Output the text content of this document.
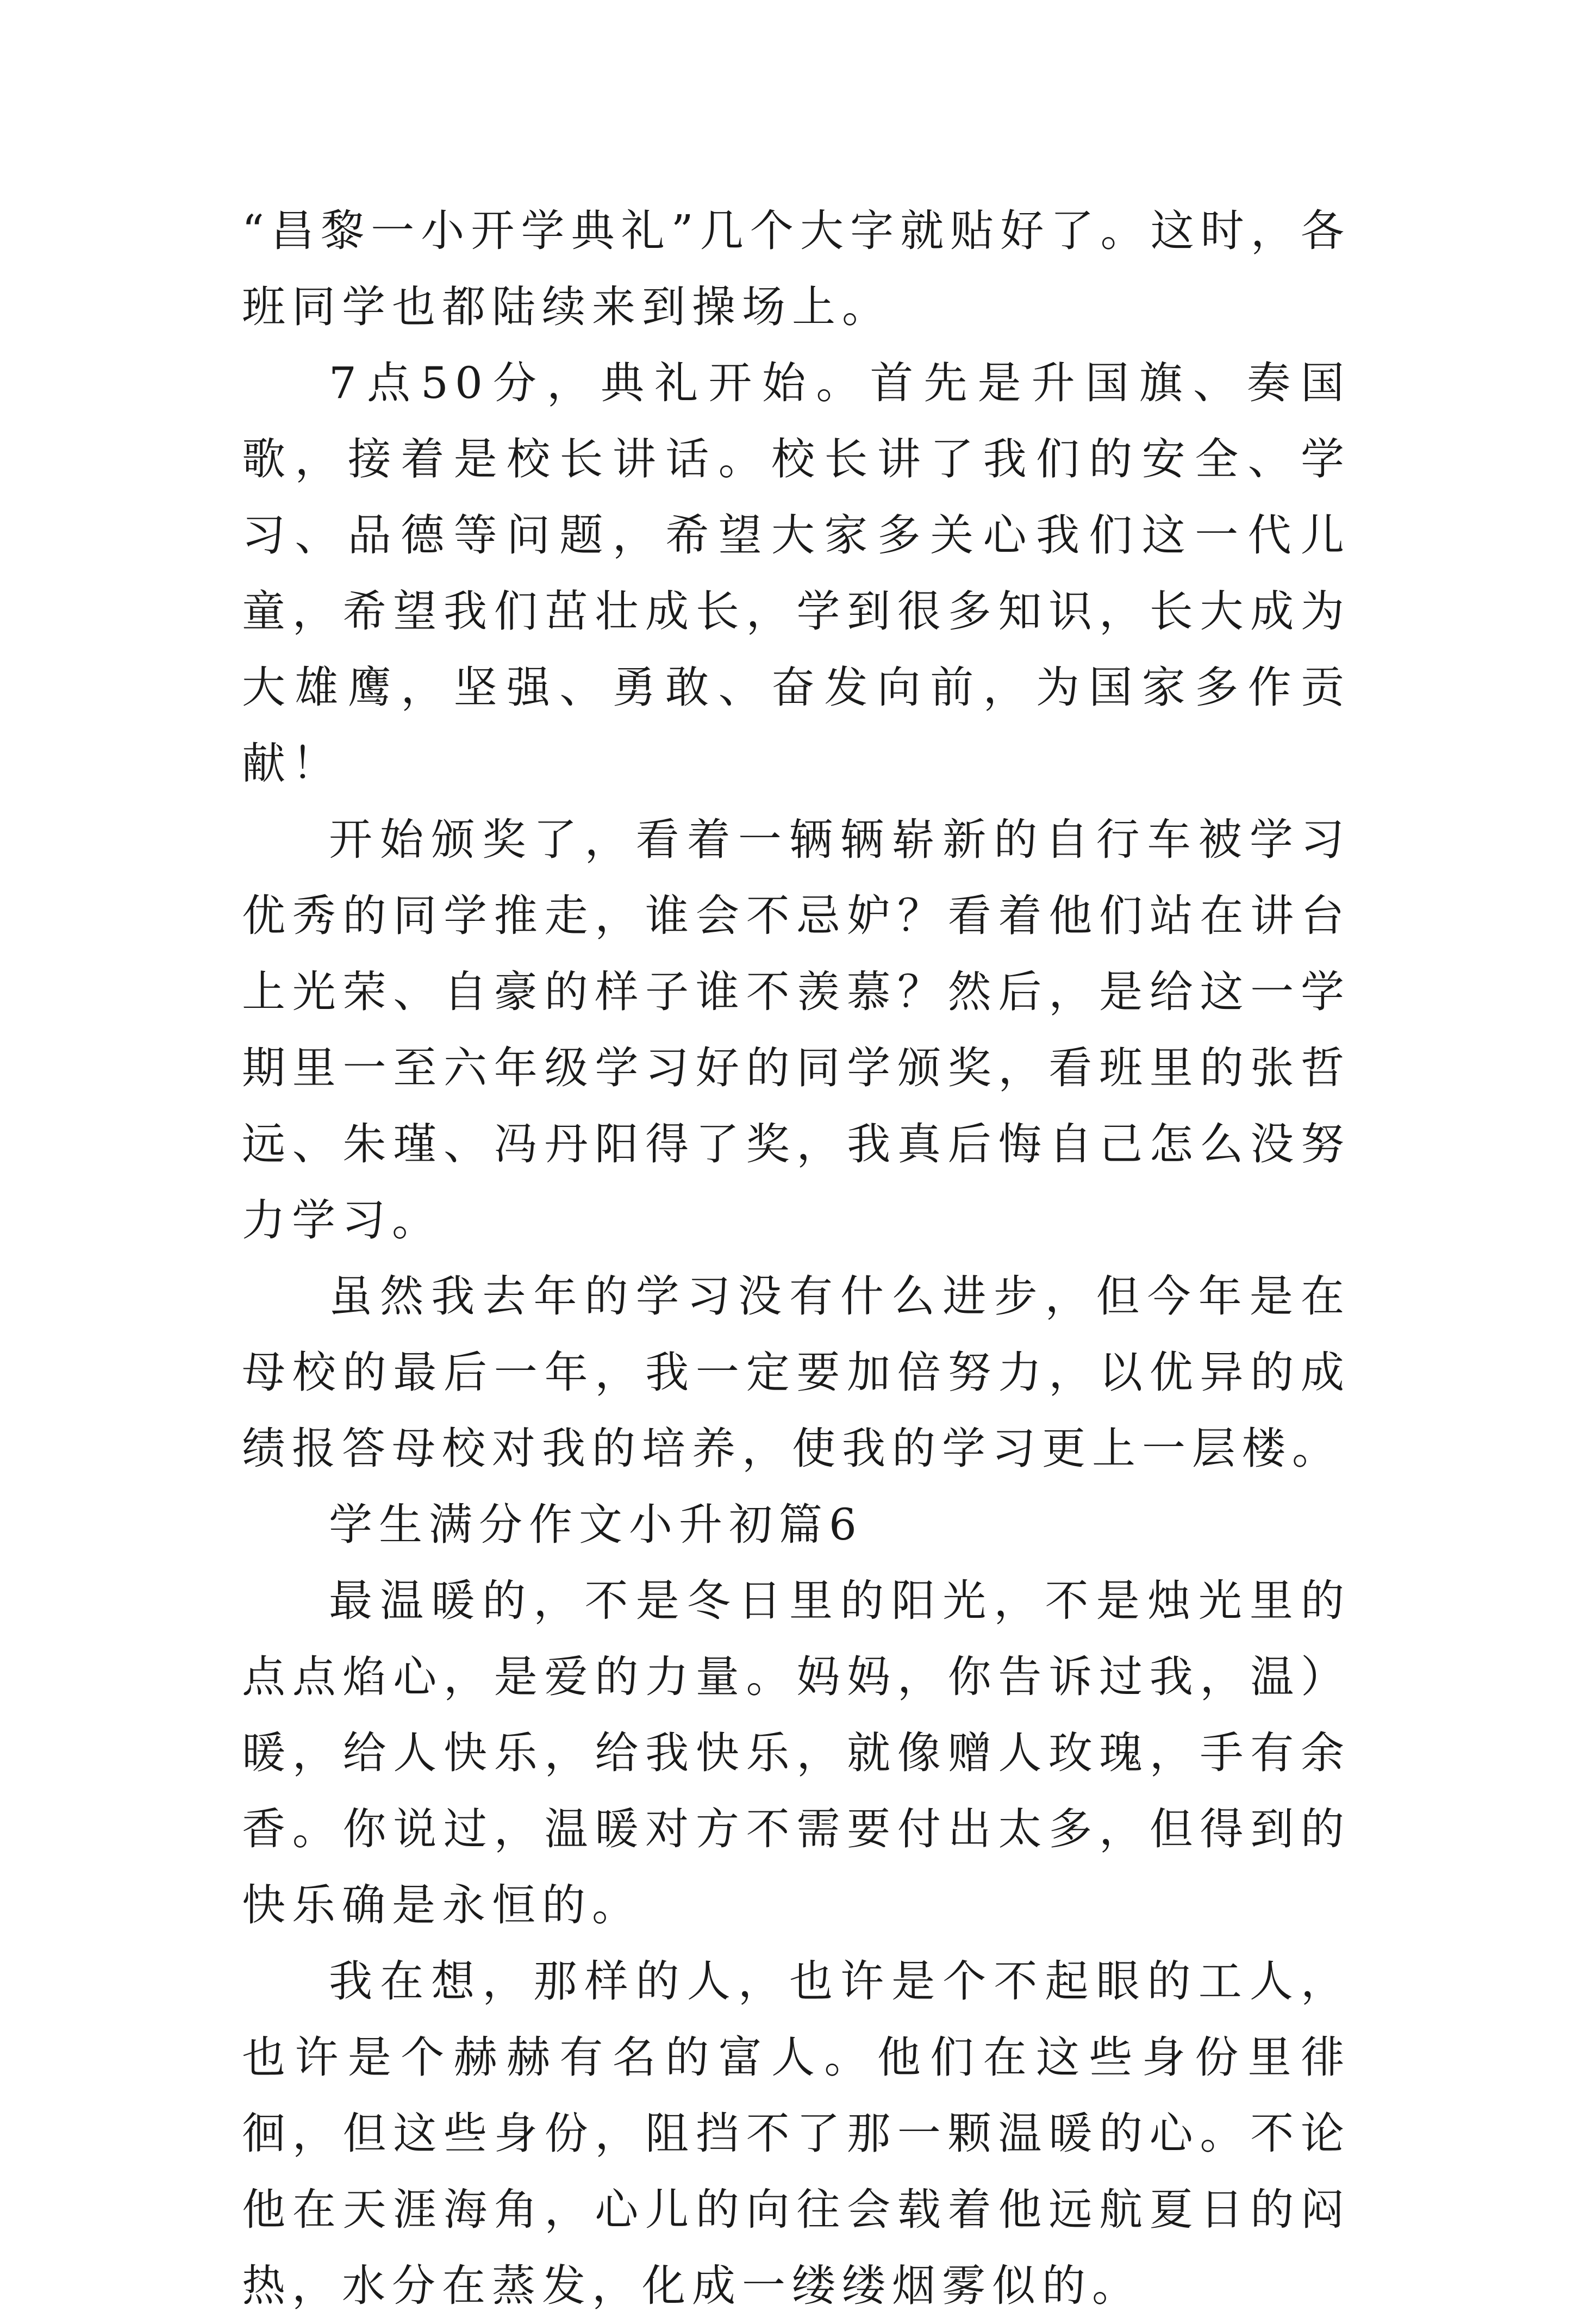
“昌黎一小开学典礼”几个大字就贴好了。这时，各班同学也都陆续来到操场上。

7点50分，典礼开始。首先是升国旗、奏国歌，接着是校长讲话。校长讲了我们的安全、学习、品德等问题，希望大家多关心我们这一代儿童，希望我们茁壮成长，学到很多知识，长大成为大雄鹰，坚强、勇敢、奋发向前，为国家多作贡献！

开始颁奖了，看着一辆辆崭新的自行车被学习优秀的同学推走，谁会不忌妒？看着他们站在讲台上光荣、自豪的样子谁不羡慕？然后，是给这一学期里一至六年级学习好的同学颁奖，看班里的张哲远、朱瑾、冯丹阳得了奖，我真后悔自己怎么没努力学习。

虽然我去年的学习没有什么进步，但今年是在母校的最后一年，我一定要加倍努力，以优异的成绩报答母校对我的培养，使我的学习更上一层楼。

学生满分作文小升初篇6

最温暖的，不是冬日里的阳光，不是烛光里的点点焰心，是爱的力量。妈妈，你告诉过我，温）暖，给人快乐，给我快乐，就像赠人玫瑰，手有余香。你说过，温暖对方不需要付出太多，但得到的快乐确是永恒的。

我在想，那样的人，也许是个不起眼的工人，也许是个赫赫有名的富人。他们在这些身份里徘徊，但这些身份，阻挡不了那一颗温暖的心。不论他在天涯海角，心儿的向往会载着他远航夏日的闷热，水分在蒸发，化成一缕缕烟雾似的。
